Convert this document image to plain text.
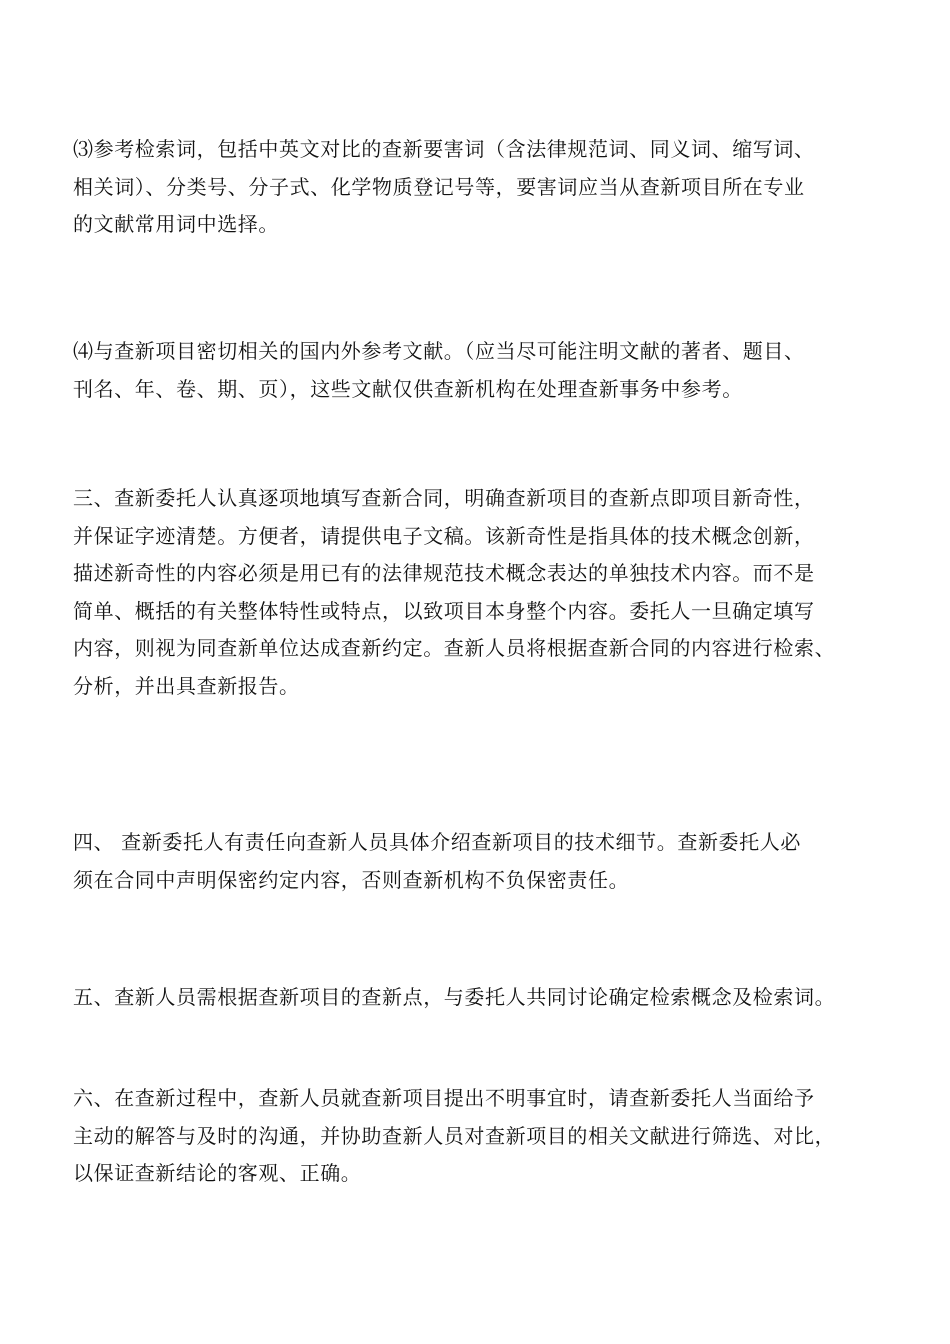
⑶参考检索词，包括中英文对比的查新要害词（含法律规范词、同义词、缩写词、
相关词）、分类号、分子式、化学物质登记号等，要害词应当从查新项目所在专业
的文献常用词中选择。

⑷与查新项目密切相关的国内外参考文献。（应当尽可能注明文献的著者、题目、
刊名、年、卷、期、页），这些文献仅供查新机构在处理查新事务中参考。

三、查新委托人认真逐项地填写查新合同，明确查新项目的查新点即项目新奇性，
并保证字迹清楚。方便者，请提供电子文稿。该新奇性是指具体的技术概念创新，
描述新奇性的内容必须是用已有的法律规范技术概念表达的单独技术内容。而不是
简单、概括的有关整体特性或特点，以致项目本身整个内容。委托人一旦确定填写
内容，则视为同查新单位达成查新约定。查新人员将根据查新合同的内容进行检索、
分析，并出具查新报告。

四、 查新委托人有责任向查新人员具体介绍查新项目的技术细节。查新委托人必
须在合同中声明保密约定内容，否则查新机构不负保密责任。

五、查新人员需根据查新项目的查新点，与委托人共同讨论确定检索概念及检索词。

六、在查新过程中，查新人员就查新项目提出不明事宜时，请查新委托人当面给予
主动的解答与及时的沟通，并协助查新人员对查新项目的相关文献进行筛选、对比，
以保证查新结论的客观、正确。
